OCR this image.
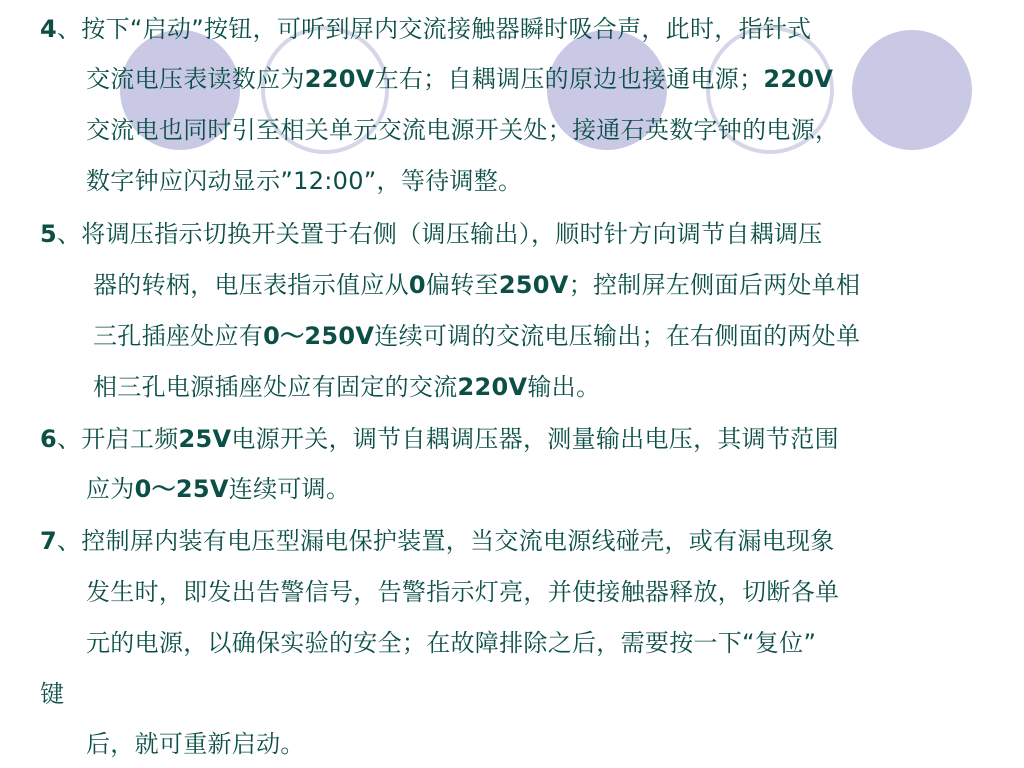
4、按下“启动”按钮，可听到屏内交流接触器瞬时吸合声，此时，指针式
交流电压表读数应为220V左右；自耦调压的原边也接通电源；220V
交流电也同时引至相关单元交流电源开关处；接通石英数字钟的电源，
数字钟应闪动显示”12:00”，等待调整。
5、将调压指示切换开关置于右侧（调压输出），顺时针方向调节自耦调压
器的转柄，电压表指示值应从0偏转至250V；控制屏左侧面后两处单相
三孔插座处应有0～250V连续可调的交流电压输出；在右侧面的两处单
相三孔电源插座处应有固定的交流220V输出。
6、开启工频25V电源开关，调节自耦调压器，测量输出电压，其调节范围
应为0～25V连续可调。
7、控制屏内装有电压型漏电保护装置，当交流电源线碰壳，或有漏电现象
发生时，即发出告警信号，告警指示灯亮，并使接触器释放，切断各单
元的电源，以确保实验的安全；在故障排除之后，需要按一下“复位”
键
后，就可重新启动。
